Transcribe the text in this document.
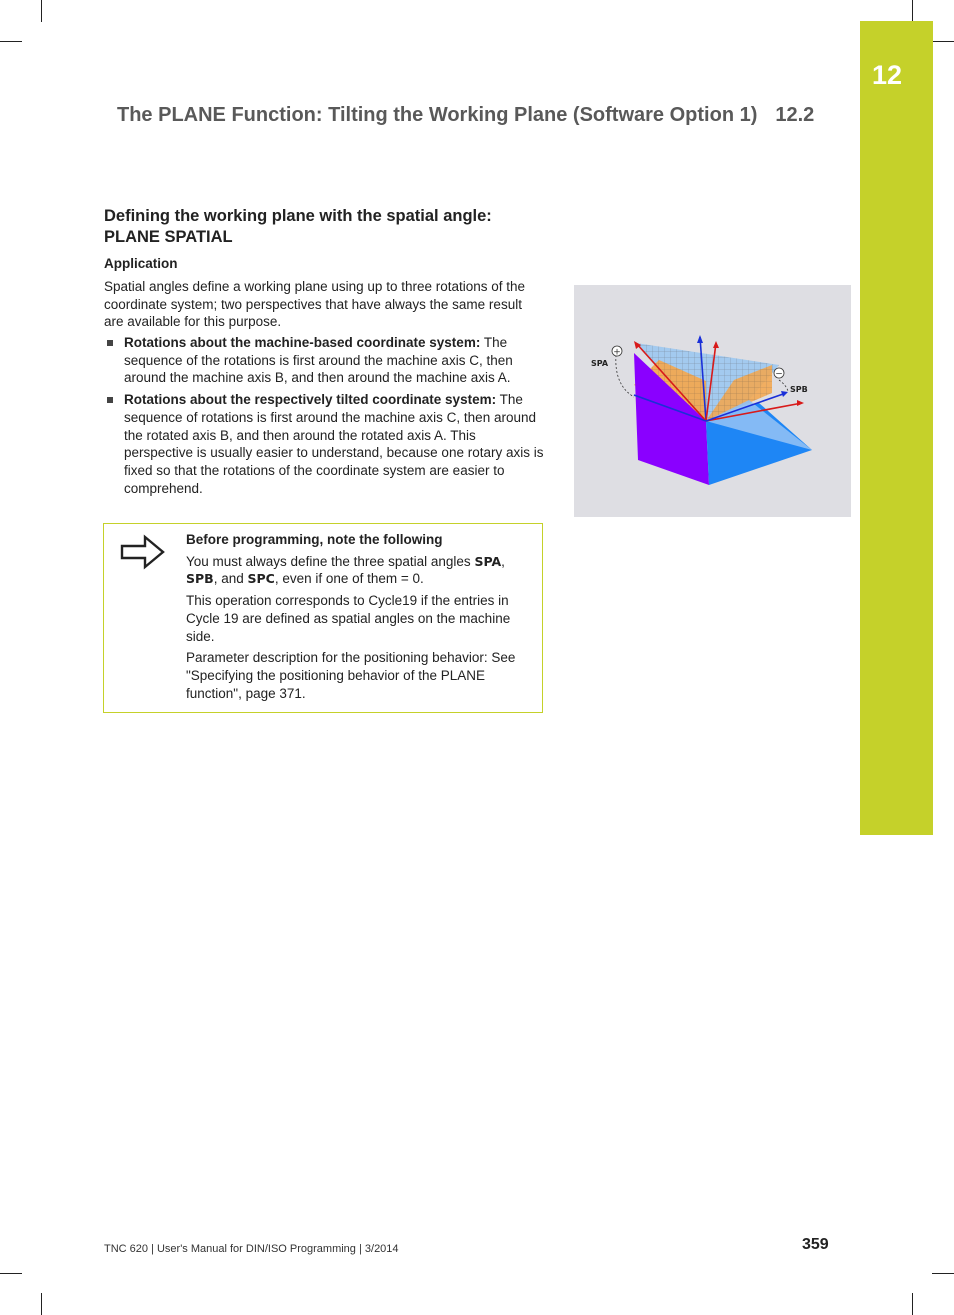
12
The PLANE Function: Tilting the Working Plane (Software Option 1) 12.2
Defining the working plane with the spatial angle: PLANE SPATIAL
Application
Spatial angles define a working plane using up to three rotations of the coordinate system; two perspectives that have always the same result are available for this purpose.
Rotations about the machine-based coordinate system: The sequence of the rotations is first around the machine axis C, then around the machine axis B, and then around the machine axis A.
Rotations about the respectively tilted coordinate system: The sequence of rotations is first around the machine axis C, then around the rotated axis B, and then around the rotated axis A. This perspective is usually easier to understand, because one rotary axis is fixed so that the rotations of the coordinate system are easier to comprehend.

Before programming, note the following

You must always define the three spatial angles SPA, SPB, and SPC, even if one of them = 0.

This operation corresponds to Cycle19 if the entries in Cycle 19 are defined as spatial angles on the machine side.

Parameter description for the positioning behavior: See "Specifying the positioning behavior of the PLANE function", page 371.

+
−
SPA
SPB
TNC 620 | User's Manual for DIN/ISO Programming | 3/2014	359
